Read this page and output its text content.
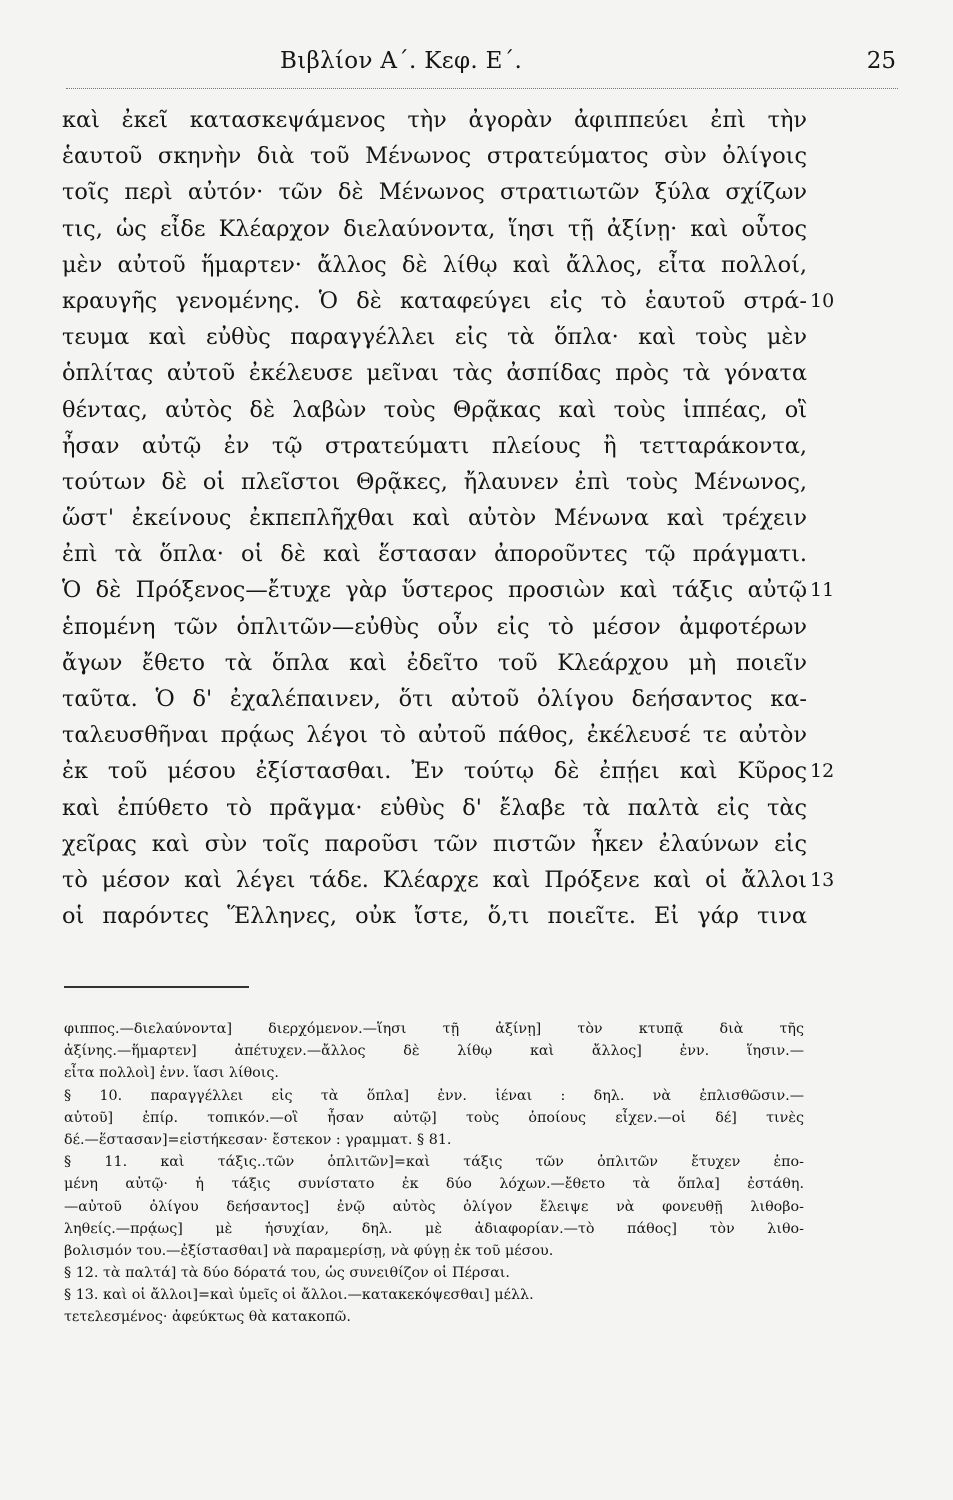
Βιβλίον Α΄. Κεφ. Ε΄.	25
καὶ ἐκεῖ κατασκεψάμενος τὴν ἀγορὰν ἀφιππεύει ἐπὶ τὴν
ἑαυτοῦ σκηνὴν διὰ τοῦ Μένωνος στρατεύματος σὺν ὀλίγοις
τοῖς περὶ αὐτόν· τῶν δὲ Μένωνος στρατιωτῶν ξύλα σχίζων
τις, ὡς εἶδε Κλέαρχον διελαύνοντα, ἵησι τῇ ἀξίνῃ· καὶ οὗτος
μὲν αὐτοῦ ἥμαρτεν· ἄλλος δὲ λίθῳ καὶ ἄλλος, εἶτα πολλοί,
κραυγῆς γενομένης. Ὁ δὲ καταφεύγει εἰς τὸ ἑαυτοῦ στρά- 10
τευμα καὶ εὐθὺς παραγγέλλει εἰς τὰ ὅπλα· καὶ τοὺς μὲν
ὁπλίτας αὐτοῦ ἐκέλευσε μεῖναι τὰς ἀσπίδας πρὸς τὰ γόνατα
θέντας, αὐτὸς δὲ λαβὼν τοὺς Θρᾷκας καὶ τοὺς ἱππέας, οἳ
ἦσαν αὐτῷ ἐν τῷ στρατεύματι πλείους ἢ τετταράκοντα,
τούτων δὲ οἱ πλεῖστοι Θρᾷκες, ἤλαυνεν ἐπὶ τοὺς Μένωνος,
ὥστ' ἐκείνους ἐκπεπλῆχθαι καὶ αὐτὸν Μένωνα καὶ τρέχειν
ἐπὶ τὰ ὅπλα· οἱ δὲ καὶ ἕστασαν ἀποροῦντες τῷ πράγματι.
Ὁ δὲ Πρόξενος—ἔτυχε γὰρ ὕστερος προσιὼν καὶ τάξις αὐτῷ 11
ἑπομένη τῶν ὁπλιτῶν—εὐθὺς οὖν εἰς τὸ μέσον ἀμφοτέρων
ἄγων ἔθετο τὰ ὅπλα καὶ ἐδεῖτο τοῦ Κλεάρχου μὴ ποιεῖν
ταῦτα. Ὁ δ' ἐχαλέπαινεν, ὅτι αὐτοῦ ὀλίγου δεήσαντος κα-
ταλευσθῆναι πρᾴως λέγοι τὸ αὐτοῦ πάθος, ἐκέλευσέ τε αὐτὸν
ἐκ τοῦ μέσου ἐξίστασθαι. Ἐν τούτῳ δὲ ἐπῄει καὶ Κῦρος 12
καὶ ἐπύθετο τὸ πρᾶγμα· εὐθὺς δ' ἔλαβε τὰ παλτὰ εἰς τὰς
χεῖρας καὶ σὺν τοῖς παροῦσι τῶν πιστῶν ἧκεν ἐλαύνων εἰς
τὸ μέσον καὶ λέγει τάδε. Κλέαρχε καὶ Πρόξενε καὶ οἱ ἄλλοι 13
οἱ παρόντες Ἕλληνες, οὐκ ἴστε, ὅ,τι ποιεῖτε. Εἰ γάρ τινα
φιππος.—διελαύνοντα] διερχόμενον.—ἵησι τῇ ἀξίνῃ] τὸν κτυπᾷ διὰ τῆς
ἀξίνης.—ἥμαρτεν] ἀπέτυχεν.—ἄλλος δὲ λίθῳ καὶ ἄλλος] ἐνν. ἵησιν.—
εἶτα πολλοὶ] ἐνν. ἵασι λίθοις.
§ 10. παραγγέλλει εἰς τὰ ὅπλα] ἐνν. ἰέναι : δηλ. νὰ ἐπλισθῶσιν.—
αὐτοῦ] ἐπίρ. τοπικόν.—οἳ ἦσαν αὐτῷ] τοὺς ὁποίους εἶχεν.—οἱ δέ] τινὲς
δέ.—ἕστασαν]=εἱστήκεσαν· ἔστεκον : γραμματ. § 81.
§ 11. καὶ τάξις..τῶν ὁπλιτῶν]=καὶ τάξις τῶν ὁπλιτῶν ἔτυχεν ἑπο-
μένη αὐτῷ· ἡ τάξις συνίστατο ἐκ δύο λόχων.—ἔθετο τὰ ὅπλα] ἐστάθη.
—αὐτοῦ ὀλίγου δεήσαντος] ἐνῷ αὐτὸς ὀλίγον ἔλειψε νὰ φονευθῇ λιθοβο-
ληθείς.—πρᾴως] μὲ ἡσυχίαν, δηλ. μὲ ἀδιαφορίαν.—τὸ πάθος] τὸν λιθο-
βολισμόν του.—ἐξίστασθαι] νὰ παραμερίσῃ, νὰ φύγῃ ἐκ τοῦ μέσου.
§ 12. τὰ παλτά] τὰ δύο δόρατά του, ὡς συνειθίζον οἱ Πέρσαι.
§ 13. καὶ οἱ ἄλλοι]=καὶ ὑμεῖς οἱ ἄλλοι.—κατακεκόψεσθαι] μέλλ.
τετελεσμένος· ἀφεύκτως θὰ κατακοπῶ.
